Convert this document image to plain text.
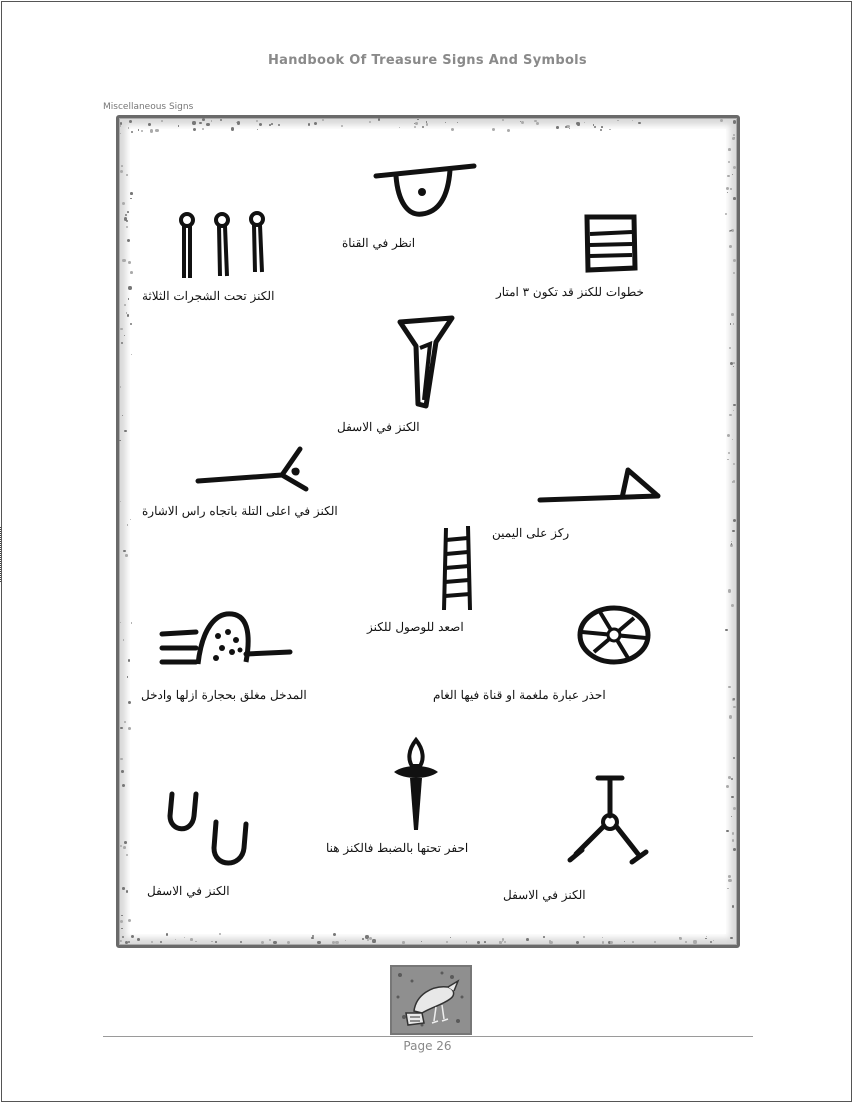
Handbook Of Treasure Signs And Symbols
Miscellaneous Signs
انظر في القناة
الكنز تحت الشجرات الثلاثة	خطوات للكنز قد تكون ٣ امتار
الكنز في الاسفل
الكنز في اعلى التلة باتجاه راس الاشارة
ركز على اليمين
اصعد للوصول للكنز
المدخل مغلق بحجارة ازلها وادخل	احذر عبارة ملغمة او قناة فيها الغام
احفر تحتها بالضبط فالكنز هنا
الكنز في الاسفل	الكنز في الاسفل
Page 26
